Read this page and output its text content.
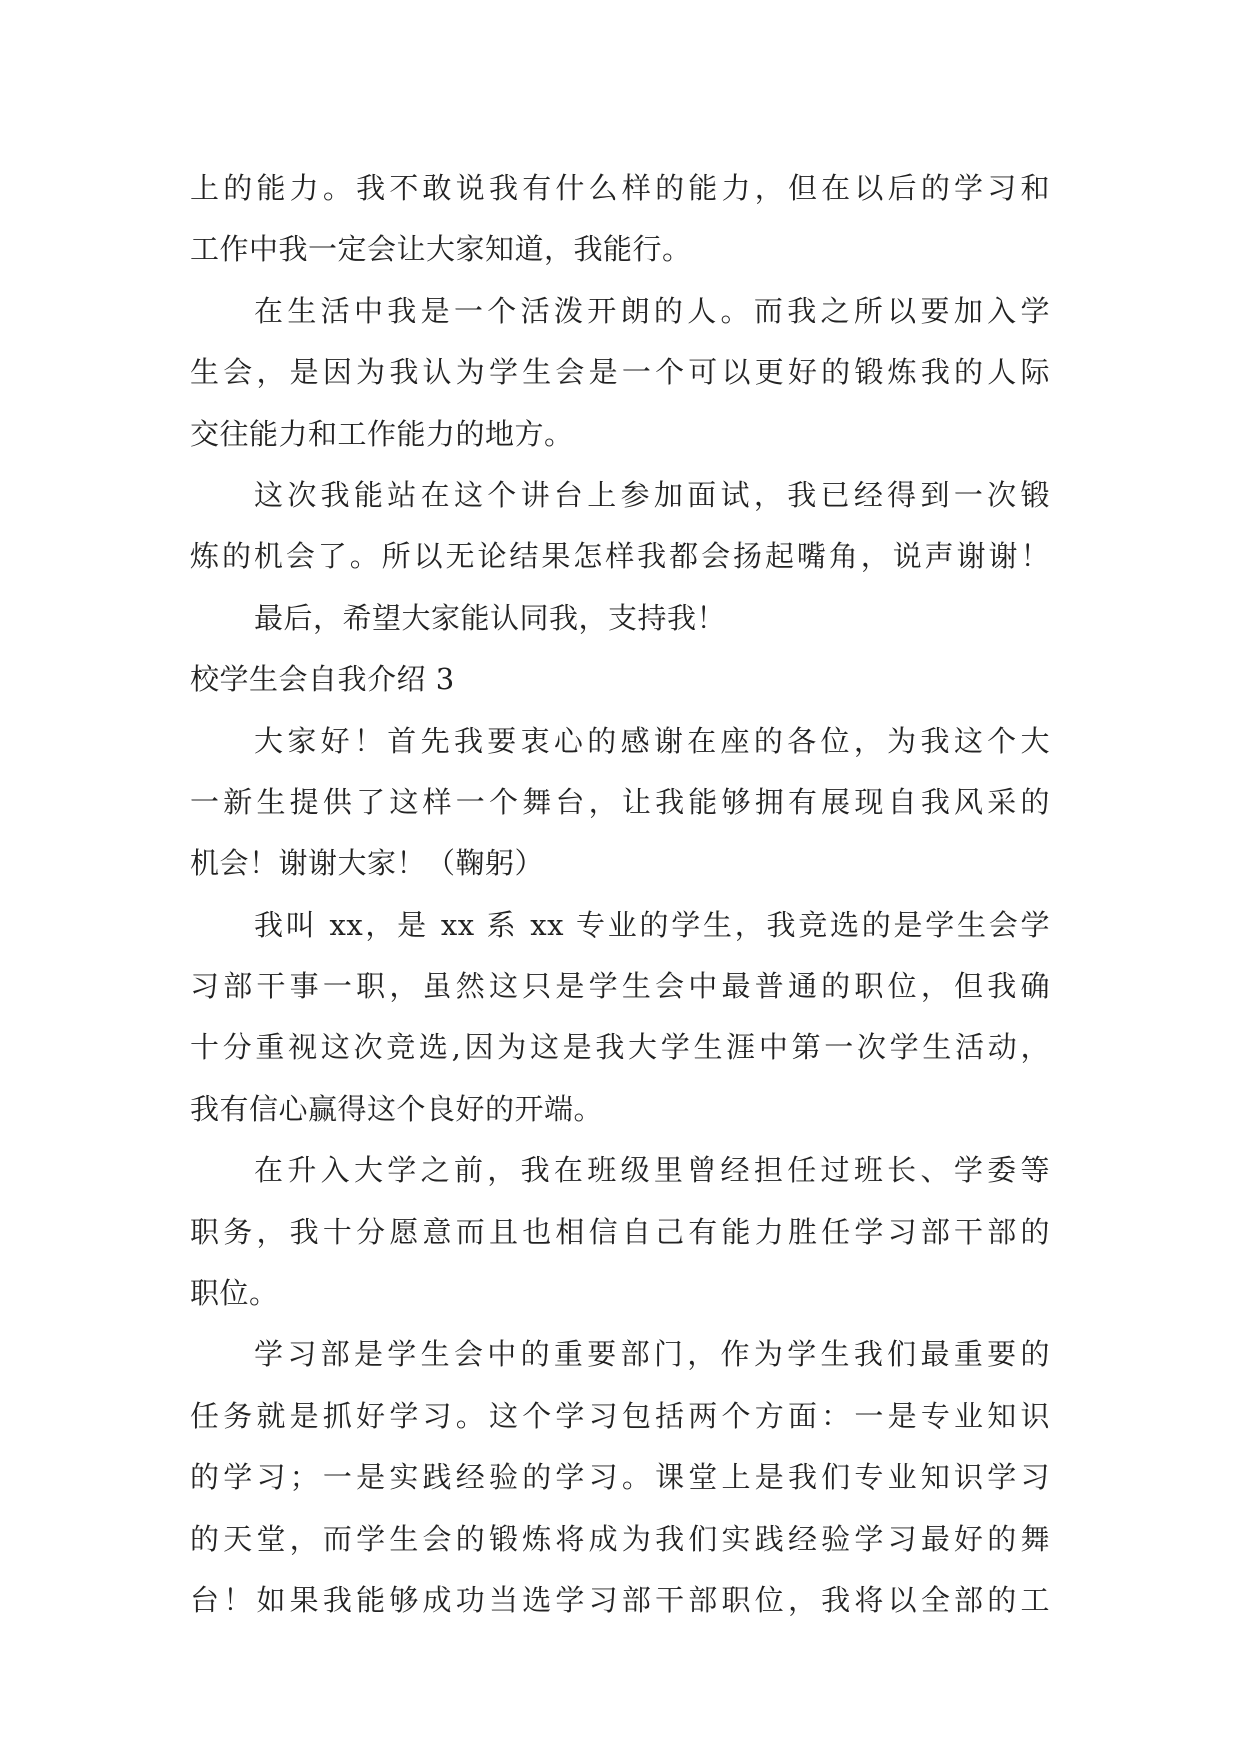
上的能力。我不敢说我有什么样的能力，但在以后的学习和
工作中我一定会让大家知道，我能行。
在生活中我是一个活泼开朗的人。而我之所以要加入学
生会，是因为我认为学生会是一个可以更好的锻炼我的人际
交往能力和工作能力的地方。
这次我能站在这个讲台上参加面试，我已经得到一次锻
炼的机会了。所以无论结果怎样我都会扬起嘴角，说声谢谢！
最后，希望大家能认同我，支持我！
校学生会自我介绍 3
大家好！首先我要衷心的感谢在座的各位，为我这个大
一新生提供了这样一个舞台，让我能够拥有展现自我风采的
机会！谢谢大家！（鞠躬）
我叫 xx，是 xx 系 xx 专业的学生，我竞选的是学生会学
习部干事一职，虽然这只是学生会中最普通的职位，但我确
十分重视这次竞选,因为这是我大学生涯中第一次学生活动，
我有信心赢得这个良好的开端。
在升入大学之前，我在班级里曾经担任过班长、学委等
职务，我十分愿意而且也相信自己有能力胜任学习部干部的
职位。
学习部是学生会中的重要部门，作为学生我们最重要的
任务就是抓好学习。这个学习包括两个方面：一是专业知识
的学习；一是实践经验的学习。课堂上是我们专业知识学习
的天堂，而学生会的锻炼将成为我们实践经验学习最好的舞
台！如果我能够成功当选学习部干部职位，我将以全部的工
